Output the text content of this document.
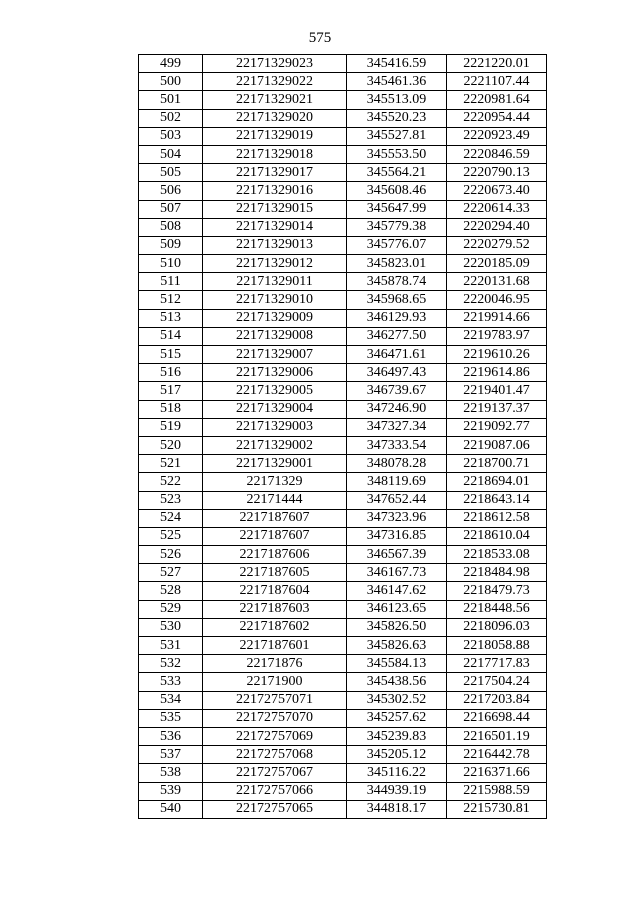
575
499	22171329023	345416.59	2221220.01
500	22171329022	345461.36	2221107.44
501	22171329021	345513.09	2220981.64
502	22171329020	345520.23	2220954.44
503	22171329019	345527.81	2220923.49
504	22171329018	345553.50	2220846.59
505	22171329017	345564.21	2220790.13
506	22171329016	345608.46	2220673.40
507	22171329015	345647.99	2220614.33
508	22171329014	345779.38	2220294.40
509	22171329013	345776.07	2220279.52
510	22171329012	345823.01	2220185.09
511	22171329011	345878.74	2220131.68
512	22171329010	345968.65	2220046.95
513	22171329009	346129.93	2219914.66
514	22171329008	346277.50	2219783.97
515	22171329007	346471.61	2219610.26
516	22171329006	346497.43	2219614.86
517	22171329005	346739.67	2219401.47
518	22171329004	347246.90	2219137.37
519	22171329003	347327.34	2219092.77
520	22171329002	347333.54	2219087.06
521	22171329001	348078.28	2218700.71
522	22171329	348119.69	2218694.01
523	22171444	347652.44	2218643.14
524	2217187607	347323.96	2218612.58
525	2217187607	347316.85	2218610.04
526	2217187606	346567.39	2218533.08
527	2217187605	346167.73	2218484.98
528	2217187604	346147.62	2218479.73
529	2217187603	346123.65	2218448.56
530	2217187602	345826.50	2218096.03
531	2217187601	345826.63	2218058.88
532	22171876	345584.13	2217717.83
533	22171900	345438.56	2217504.24
534	22172757071	345302.52	2217203.84
535	22172757070	345257.62	2216698.44
536	22172757069	345239.83	2216501.19
537	22172757068	345205.12	2216442.78
538	22172757067	345116.22	2216371.66
539	22172757066	344939.19	2215988.59
540	22172757065	344818.17	2215730.81
